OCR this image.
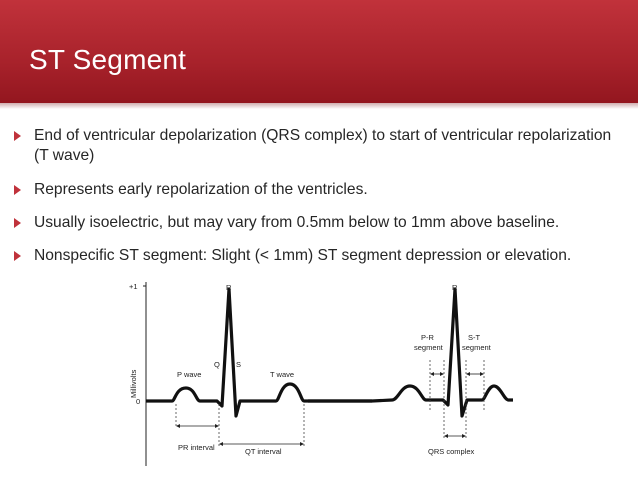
ST Segment
End of ventricular depolarization (QRS complex) to start of ventricular repolarization (T wave)
Represents early repolarization of the ventricles.
Usually isoelectric, but may vary from 0.5mm below to 1mm above baseline.
Nonspecific ST segment: Slight (< 1mm) ST segment depression or elevation.
+1
0
Millivolts
PR interval	QT interval
R
P wave
Q S
T wave
R
P-R
segment
S-T
segment
QRS complex
